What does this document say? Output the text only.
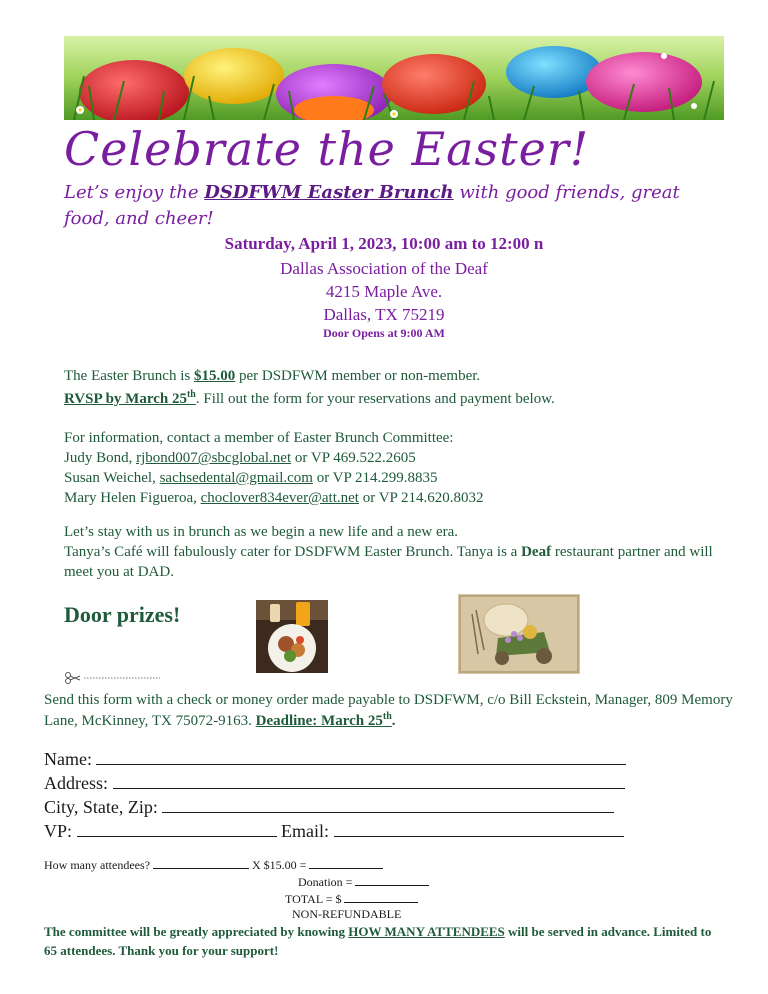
Celebrate the Easter!
Let’s enjoy the DSDFWM Easter Brunch with good friends, great food, and cheer!
Saturday, April 1, 2023, 10:00 am to 12:00 n
Dallas Association of the Deaf
4215 Maple Ave.
Dallas, TX 75219
Door Opens at 9:00 AM
The Easter Brunch is $15.00 per DSDFWM member or non-member.
RVSP by March 25th. Fill out the form for your reservations and payment below.
For information, contact a member of Easter Brunch Committee:
Judy Bond, rjbond007@sbcglobal.net or VP 469.522.2605
Susan Weichel, sachsedental@gmail.com or VP 214.299.8835
Mary Helen Figueroa, choclover834ever@att.net or VP 214.620.8032
Let’s stay with us in brunch as we begin a new life and a new era.
Tanya’s Café will fabulously cater for DSDFWM Easter Brunch. Tanya is a Deaf restaurant partner and will meet you at DAD.
Door prizes!
Send this form with a check or money order made payable to DSDFWM, c/o Bill Eckstein, Manager, 809 Memory Lane, McKinney, TX 75072-9163. Deadline: March 25th.
Name:
Address:
City, State, Zip:
VP:	Email:
How many attendees?	X $15.00 =
Donation =
TOTAL = $
NON-REFUNDABLE
The committee will be greatly appreciated by knowing HOW MANY ATTENDEES will be served in advance. Limited to 65 attendees. Thank you for your support!
